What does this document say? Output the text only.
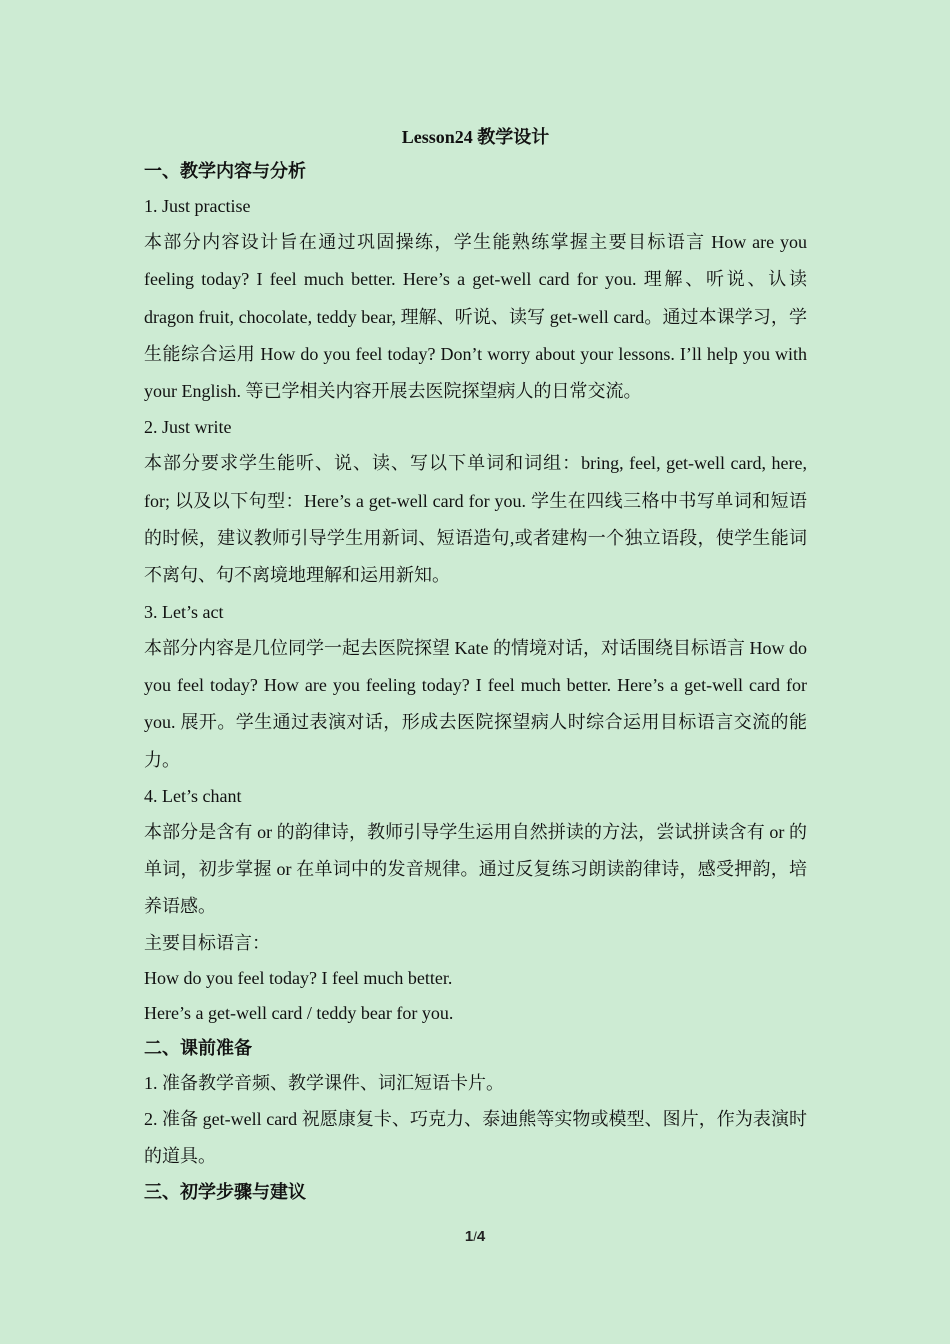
Lesson24 教学设计

一、教学内容与分析

1. Just practise

本部分内容设计旨在通过巩固操练，学生能熟练掌握主要目标语言 How are you feeling today? I feel much better. Here’s a get-well card for you. 理解、听说、认读 dragon fruit, chocolate, teddy bear, 理解、听说、读写 get-well card。通过本课学习，学生能综合运用 How do you feel today? Don’t worry about your lessons. I’ll help you with your English. 等已学相关内容开展去医院探望病人的日常交流。

2. Just write

本部分要求学生能听、说、读、写以下单词和词组：bring, feel, get-well card, here, for; 以及以下句型：Here’s a get-well card for you. 学生在四线三格中书写单词和短语的时候，建议教师引导学生用新词、短语造句,或者建构一个独立语段，使学生能词不离句、句不离境地理解和运用新知。

3. Let’s act

本部分内容是几位同学一起去医院探望 Kate 的情境对话，对话围绕目标语言 How do you feel today? How are you feeling today? I feel much better. Here’s a get-well card for you. 展开。学生通过表演对话，形成去医院探望病人时综合运用目标语言交流的能力。

4. Let’s chant

本部分是含有 or 的韵律诗，教师引导学生运用自然拼读的方法，尝试拼读含有 or 的单词，初步掌握 or 在单词中的发音规律。通过反复练习朗读韵律诗，感受押韵，培养语感。

主要目标语言：

How do you feel today? I feel much better.

Here’s a get-well card / teddy bear for you.

二、课前准备

1. 准备教学音频、教学课件、词汇短语卡片。

2. 准备 get-well card 祝愿康复卡、巧克力、泰迪熊等实物或模型、图片，作为表演时的道具。

三、初学步骤与建议

1/4
